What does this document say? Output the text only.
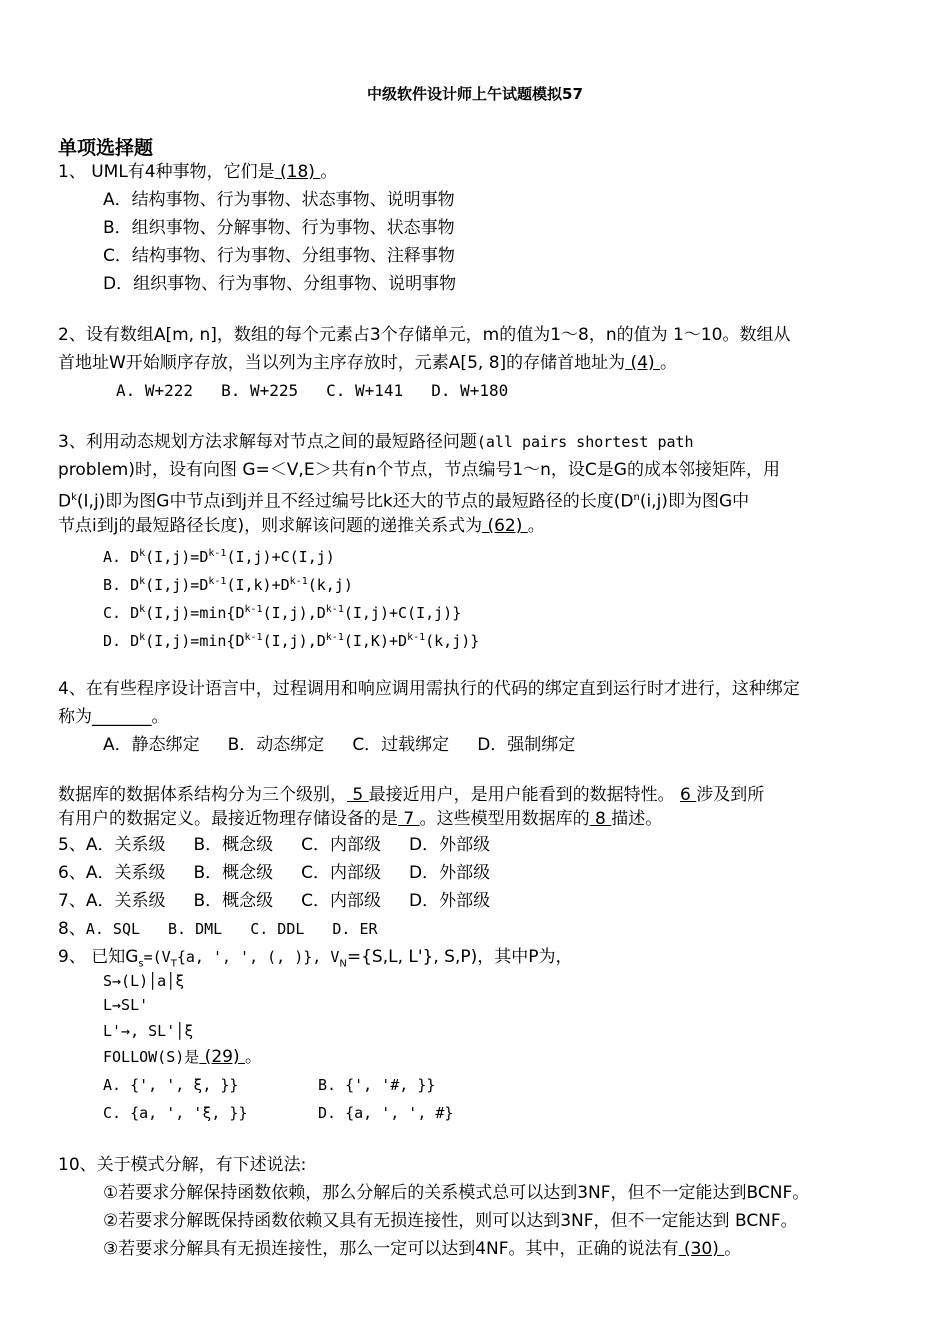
中级软件设计师上午试题模拟57
单项选择题
1、 UML有4种事物，它们是 (18) 。
A．结构事物、行为事物、状态事物、说明事物
B．组织事物、分解事物、行为事物、状态事物
C．结构事物、行为事物、分组事物、注释事物
D．组织事物、行为事物、分组事物、说明事物
2、设有数组A[m, n]，数组的每个元素占3个存储单元，m的值为1～8，n的值为 1～10。数组从
首地址W开始顺序存放，当以列为主序存放时，元素A[5, 8]的存储首地址为 (4) 。
A. W+222 B. W+225 C. W+141 D. W+180
3、利用动态规划方法求解每对节点之间的最短路径问题(all pairs shortest path
problem)时，设有向图 G=＜V,E＞共有n个节点，节点编号1～n，设C是G的成本邻接矩阵，用
$D^k(I,j)$即为图G中节点i到j并且不经过编号比k还大的节点的最短路径的长度($D^n(i,j)$即为图G中
节点i到j的最短路径长度)，则求解该问题的递推关系式为 (62) 。
A. $D^k(I,j)=D^{k-1}(I,j)+C(I,j)$
B. $D^k(I,j)=D^{k-1}(I,k)+D^{k-1}(k,j)$
C. $D^k(I,j)=\min\{D^{k-1}(I,j),D^{k-1}(I,j)+C(I,j)\}$
D. $D^k(I,j)=\min\{D^{k-1}(I,j),D^{k-1}(I,K)+D^{k-1}(k,j)\}$
4、在有些程序设计语言中，过程调用和响应调用需执行的代码的绑定直到运行时才进行，这种绑定
称为_______。
A．静态绑定 B．动态绑定 C．过载绑定 D．强制绑定
数据库的数据体系结构分为三个级别， 5 最接近用户，是用户能看到的数据特性。 6 涉及到所
有用户的数据定义。最接近物理存储设备的是 7 。这些模型用数据库的 8 描述。
5、A．关系级 B．概念级 C．内部级 D．外部级
6、A．关系级 B．概念级 C．内部级 D．外部级
7、A．关系级 B．概念级 C．内部级 D．外部级
8、A. SQL B. DML C. DDL D. ER
9、 已知$G_s=(V_T\{a$, ', ', (, )}, $V_N=\{S,L$, L'}, S,P)，其中P为，
S→(L)│a│ξ
L→SL'
L'→, SL'│ξ
FOLLOW(S)是 (29) 。
A. {', ', ξ, }}	B. {', '#, }}
C. {a, ', 'ξ, }}	D. {a, ', ', #}
10、关于模式分解，有下述说法:
①若要求分解保持函数依赖，那么分解后的关系模式总可以达到3NF，但不一定能达到BCNF。
②若要求分解既保持函数依赖又具有无损连接性，则可以达到3NF，但不一定能达到 BCNF。
③若要求分解具有无损连接性，那么一定可以达到4NF。其中，正确的说法有 (30) 。
